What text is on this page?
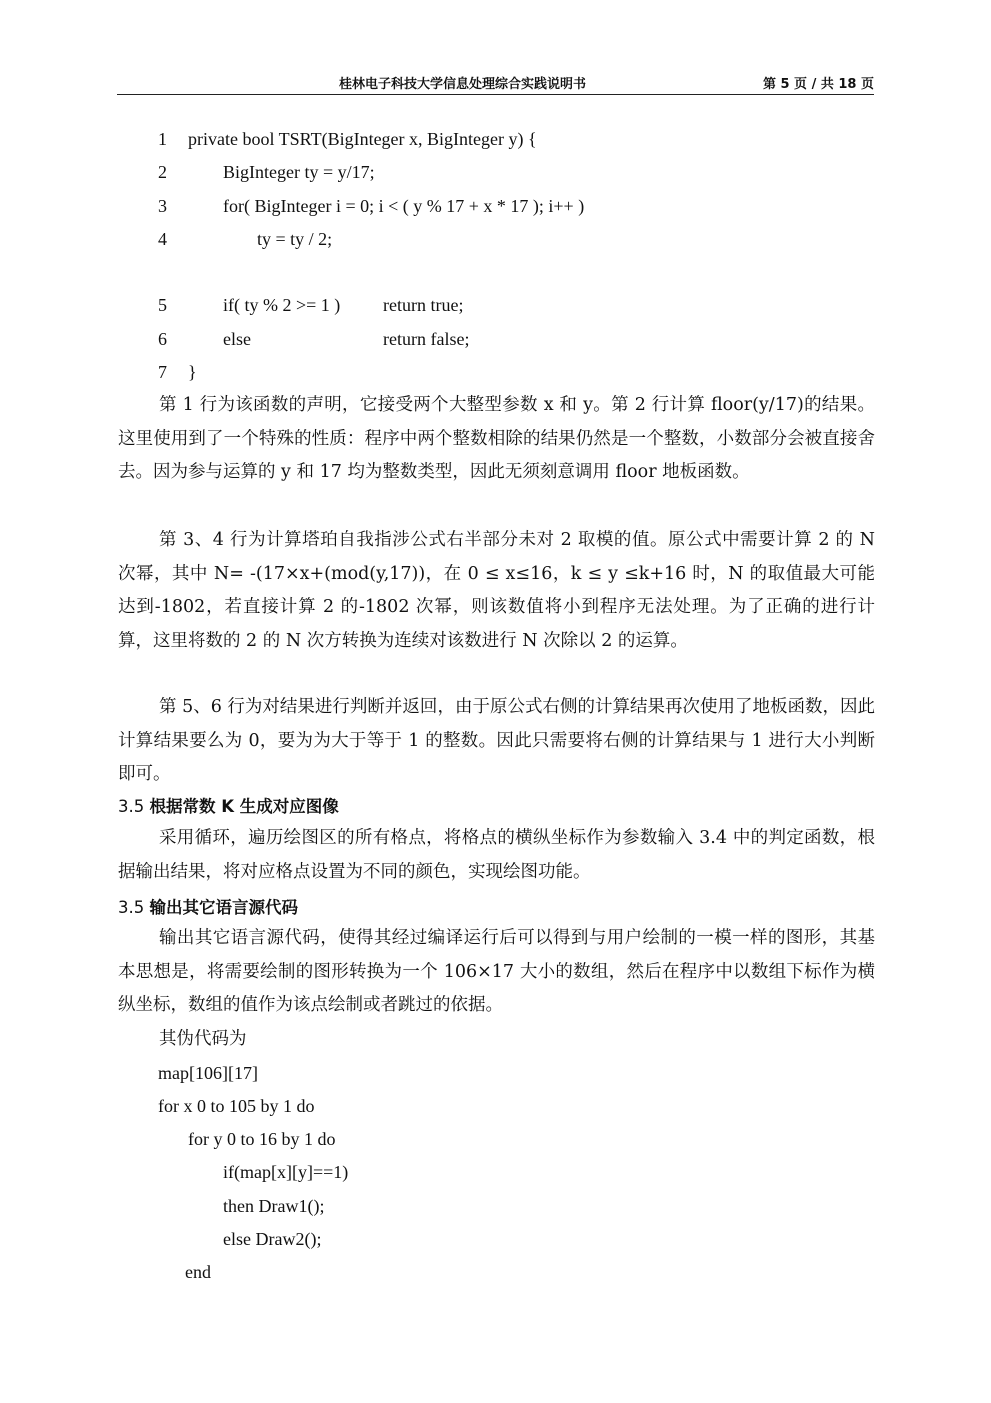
桂林电子科技大学信息处理综合实践说明书	第 5 页 / 共 18 页
1 private bool TSRT(BigInteger x, BigInteger y) {
2	BigInteger ty = y/17;
3	for( BigInteger i = 0; i < ( y % 17 + x * 17 ); i++ )
4	ty = ty / 2;
5	if( ty % 2 >= 1 ) return true;
6	else	return false;
7 }

第 1 行为该函数的声明，它接受两个大整型参数 x 和 y。第 2 行计算 floor(y/17)的结果。这里使用到了一个特殊的性质：程序中两个整数相除的结果仍然是一个整数，小数部分会被直接舍去。因为参与运算的 y 和 17 均为整数类型，因此无须刻意调用 floor 地板函数。

第 3、4 行为计算塔珀自我指涉公式右半部分未对 2 取模的值。原公式中需要计算 2 的 N 次幂，其中 N= -(17×x+(mod(y,17))，在 0 ≤ x≤16，k ≤ y ≤k+16 时，N 的取值最大可能达到-1802，若直接计算 2 的-1802 次幂，则该数值将小到程序无法处理。为了正确的进行计算，这里将数的 2 的 N 次方转换为连续对该数进行 N 次除以 2 的运算。

第 5、6 行为对结果进行判断并返回，由于原公式右侧的计算结果再次使用了地板函数，因此计算结果要么为 0，要为为大于等于 1 的整数。因此只需要将右侧的计算结果与 1 进行大小判断即可。

3.5 根据常数 K 生成对应图像

采用循环，遍历绘图区的所有格点，将格点的横纵坐标作为参数输入 3.4 中的判定函数，根据输出结果，将对应格点设置为不同的颜色，实现绘图功能。

3.5 输出其它语言源代码

输出其它语言源代码，使得其经过编译运行后可以得到与用户绘制的一模一样的图形，其基本思想是，将需要绘制的图形转换为一个 106×17 大小的数组，然后在程序中以数组下标作为横纵坐标，数组的值作为该点绘制或者跳过的依据。

其伪代码为

map[106][17]
for x 0 to 105 by 1 do
for y 0 to 16 by 1 do
if(map[x][y]==1)
then Draw1();
else Draw2();
end
